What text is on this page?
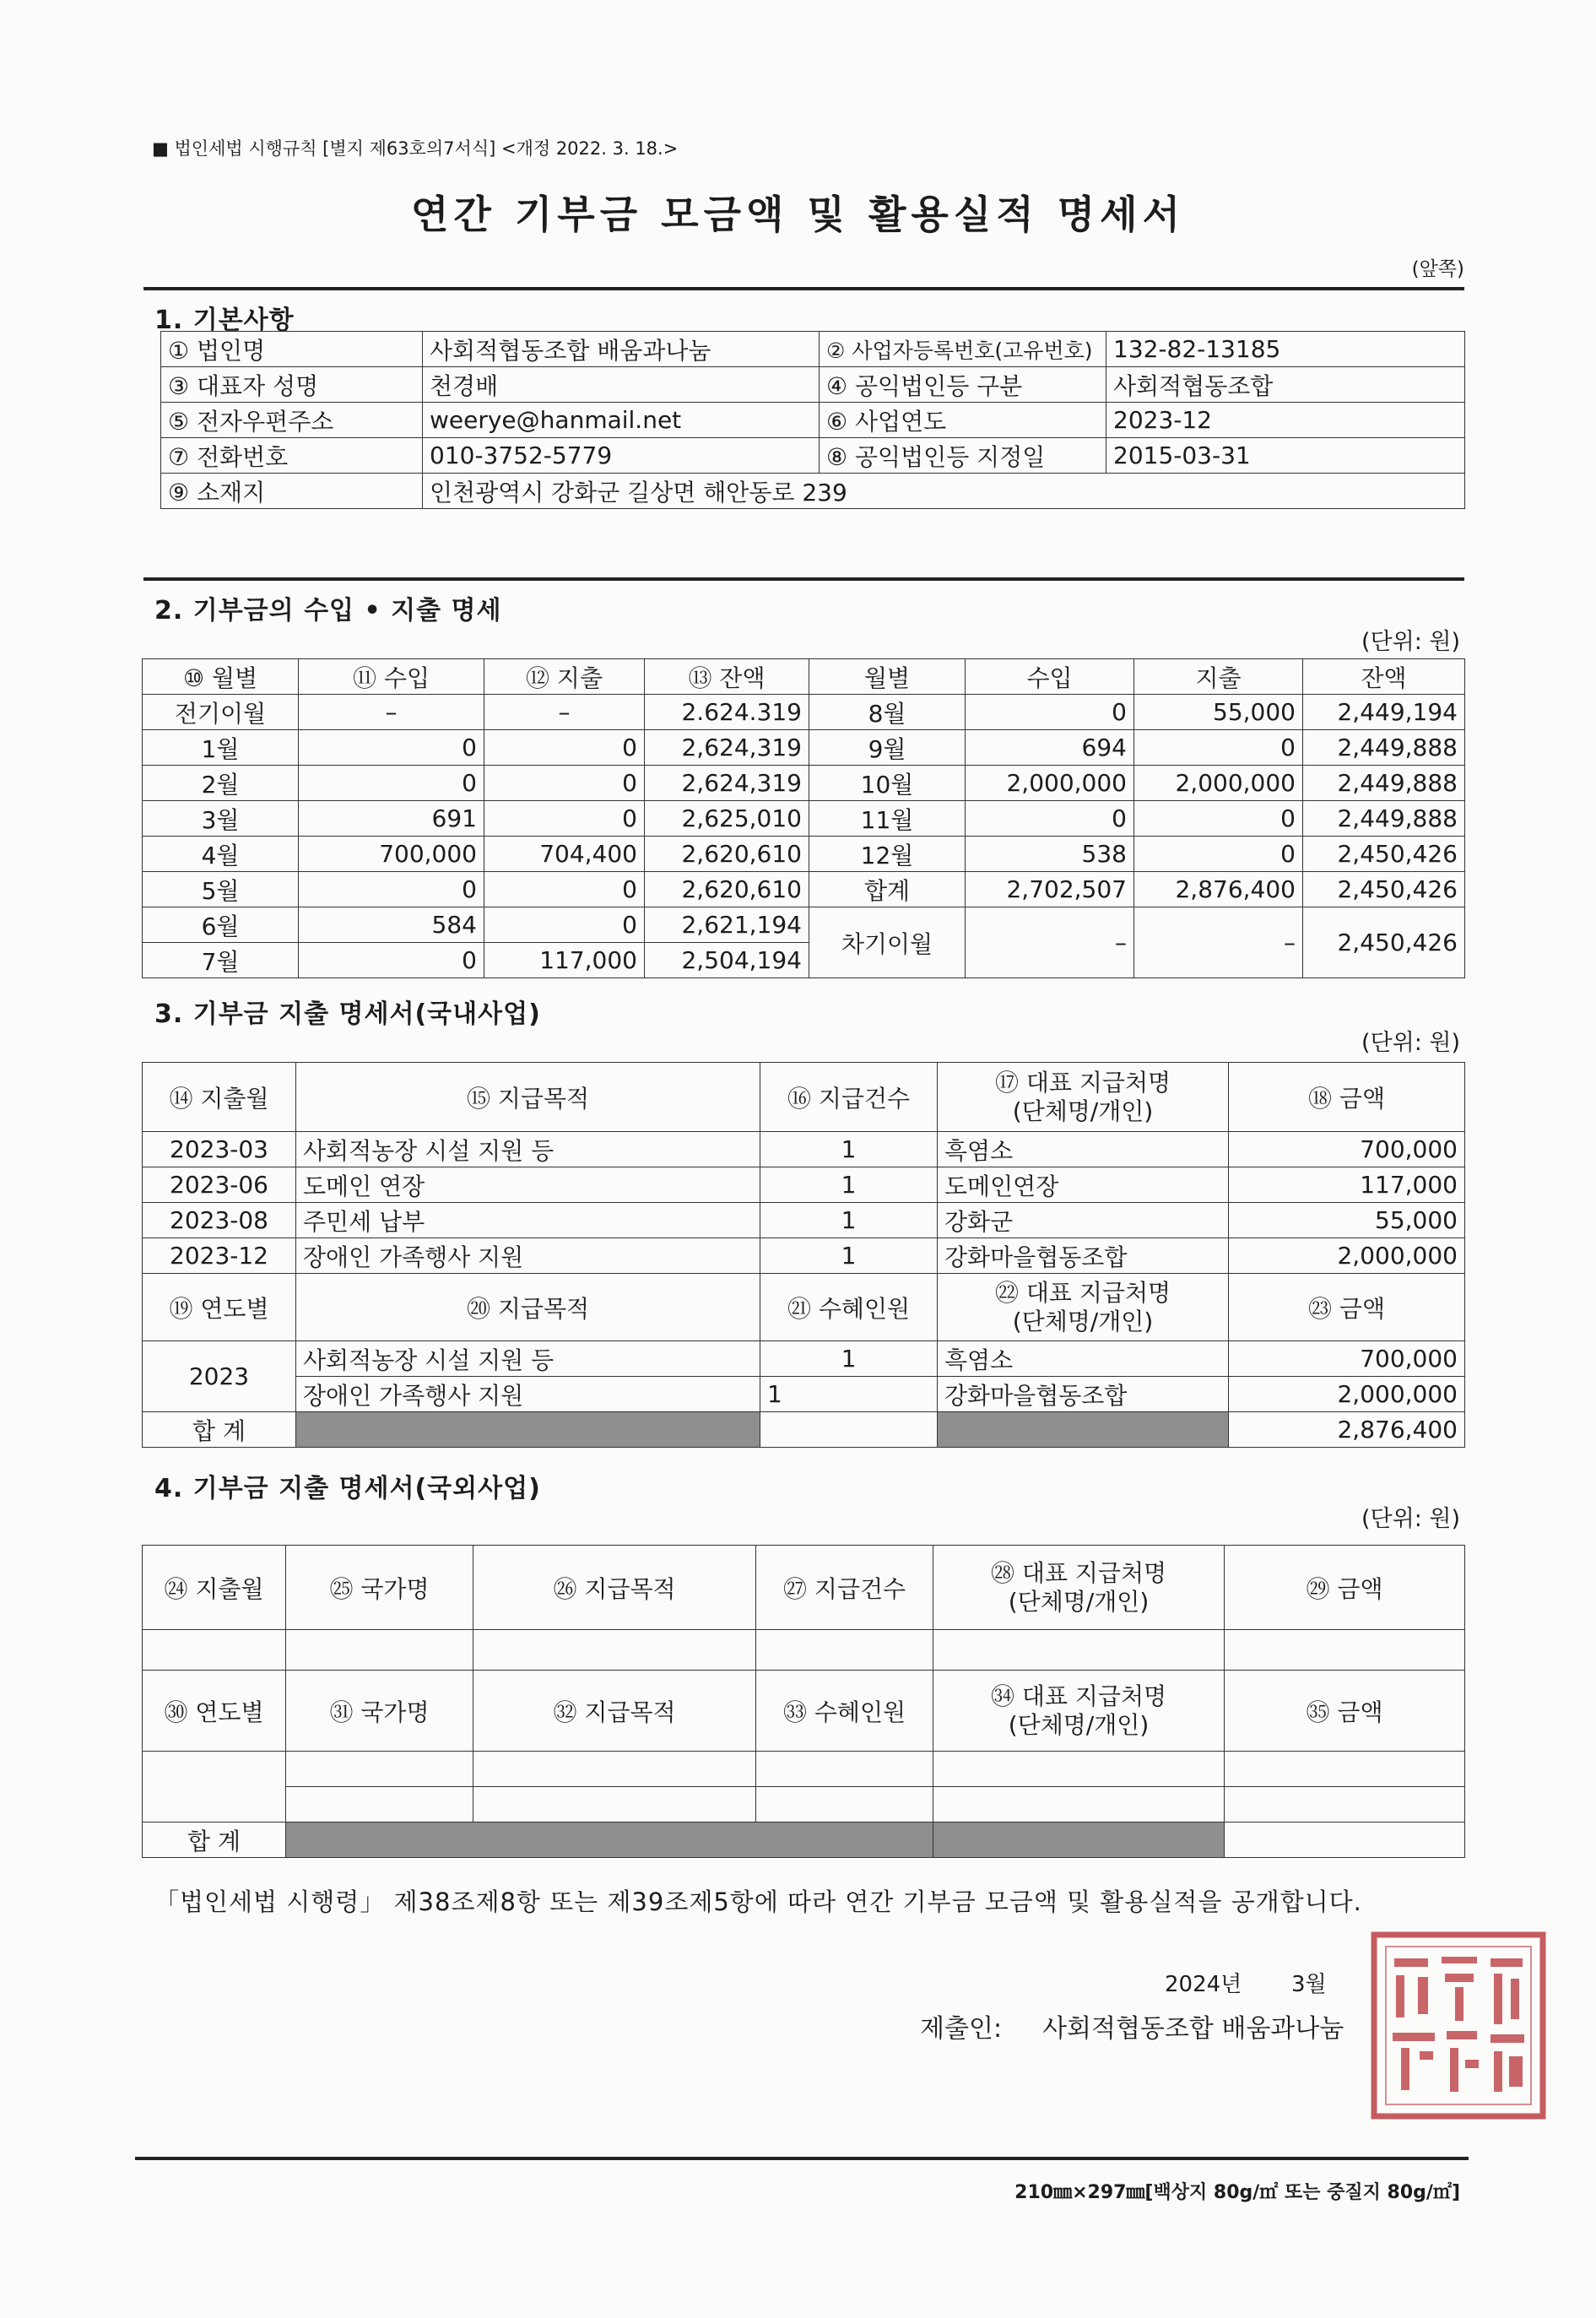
■ 법인세법 시행규칙 [별지 제63호의7서식] <개정 2022. 3. 18.>
연간 기부금 모금액 및 활용실적 명세서
(앞쪽)
1. 기본사항
① 법인명	사회적협동조합 배움과나눔	② 사업자등록번호(고유번호)	132-82-13185
③ 대표자 성명	천경배	④ 공익법인등 구분	사회적협동조합
⑤ 전자우편주소	weerye@hanmail.net	⑥ 사업연도	2023-12
⑦ 전화번호	010-3752-5779	⑧ 공익법인등 지정일	2015-03-31
⑨ 소재지	인천광역시 강화군 길상면 해안동로 239		
2. 기부금의 수입 • 지출 명세
(단위: 원)
⑩ 월별	⑪ 수입	⑫ 지출	⑬ 잔액	월별	수입	지출	잔액
전기이월	–	–	2.624.319	8월	0	55,000	2,449,194
1월	0	0	2,624,319	9월	694	0	2,449,888
2월	0	0	2,624,319	10월	2,000,000	2,000,000	2,449,888
3월	691	0	2,625,010	11월	0	0	2,449,888
4월	700,000	704,400	2,620,610	12월	538	0	2,450,426
5월	0	0	2,620,610	합계	2,702,507	2,876,400	2,450,426
6월	584	0	2,621,194	차기이월	–	–	2,450,426
7월	0	117,000	2,504,194				
3. 기부금 지출 명세서(국내사업)
(단위: 원)
⑭ 지출월	⑮ 지급목적	⑯ 지급건수	⑰ 대표 지급처명
(단체명/개인)	⑱ 금액
2023-03	사회적농장 시설 지원 등	1	흑염소	700,000
2023-06	도메인 연장	1	도메인연장	117,000
2023-08	주민세 납부	1	강화군	55,000
2023-12	장애인 가족행사 지원	1	강화마을협동조합	2,000,000
⑲ 연도별	⑳ 지급목적	㉑ 수혜인원	㉒ 대표 지급처명
(단체명/개인)	㉓ 금액
2023	사회적농장 시설 지원 등	1	흑염소	700,000
	장애인 가족행사 지원	1	강화마을협동조합	2,000,000
합 계				2,876,400
4. 기부금 지출 명세서(국외사업)
(단위: 원)
㉔ 지출월	㉕ 국가명	㉖ 지급목적	㉗ 지급건수	㉘ 대표 지급처명
(단체명/개인)	㉙ 금액

㉚ 연도별	㉛ 국가명	㉜ 지급목적	㉝ 수혜인원	㉞ 대표 지급처명
(단체명/개인)	㉟ 금액

합 계					
「법인세법 시행령」 제38조제8항 또는 제39조제5항에 따라 연간 기부금 모금액 및 활용실적을 공개합니다.
2024년 3월
제출인: 사회적협동조합 배움과나눔
210㎜×297㎜[백상지 80g/㎡ 또는 중질지 80g/㎡]
